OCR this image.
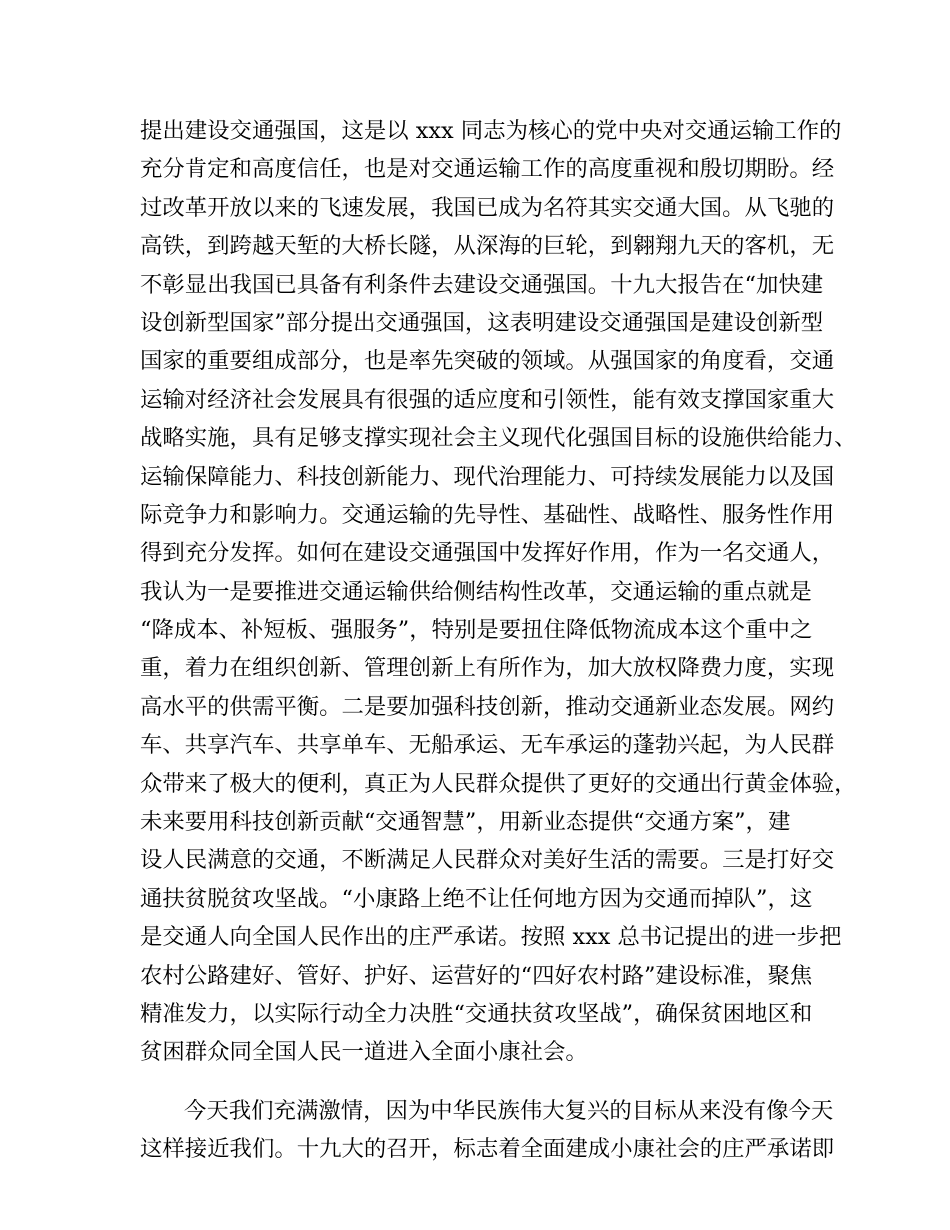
提出建设交通强国，这是以 xxx 同志为核心的党中央对交通运输工作的
充分肯定和高度信任，也是对交通运输工作的高度重视和殷切期盼。经
过改革开放以来的飞速发展，我国已成为名符其实交通大国。从飞驰的
高铁，到跨越天堑的大桥长隧，从深海的巨轮，到翱翔九天的客机，无
不彰显出我国已具备有利条件去建设交通强国。十九大报告在“加快建
设创新型国家”部分提出交通强国，这表明建设交通强国是建设创新型
国家的重要组成部分，也是率先突破的领域。从强国家的角度看，交通
运输对经济社会发展具有很强的适应度和引领性，能有效支撑国家重大
战略实施，具有足够支撑实现社会主义现代化强国目标的设施供给能力、
运输保障能力、科技创新能力、现代治理能力、可持续发展能力以及国
际竞争力和影响力。交通运输的先导性、基础性、战略性、服务性作用
得到充分发挥。如何在建设交通强国中发挥好作用，作为一名交通人，
我认为一是要推进交通运输供给侧结构性改革，交通运输的重点就是
“降成本、补短板、强服务”，特别是要扭住降低物流成本这个重中之
重，着力在组织创新、管理创新上有所作为，加大放权降费力度，实现
高水平的供需平衡。二是要加强科技创新，推动交通新业态发展。网约
车、共享汽车、共享单车、无船承运、无车承运的蓬勃兴起，为人民群
众带来了极大的便利，真正为人民群众提供了更好的交通出行黄金体验，
未来要用科技创新贡献“交通智慧”，用新业态提供“交通方案”，建
设人民满意的交通，不断满足人民群众对美好生活的需要。三是打好交
通扶贫脱贫攻坚战。“小康路上绝不让任何地方因为交通而掉队”，这
是交通人向全国人民作出的庄严承诺。按照 xxx 总书记提出的进一步把
农村公路建好、管好、护好、运营好的“四好农村路”建设标准，聚焦
精准发力，以实际行动全力决胜“交通扶贫攻坚战”，确保贫困地区和
贫困群众同全国人民一道进入全面小康社会。
今天我们充满激情，因为中华民族伟大复兴的目标从来没有像今天
这样接近我们。十九大的召开，标志着全面建成小康社会的庄严承诺即
